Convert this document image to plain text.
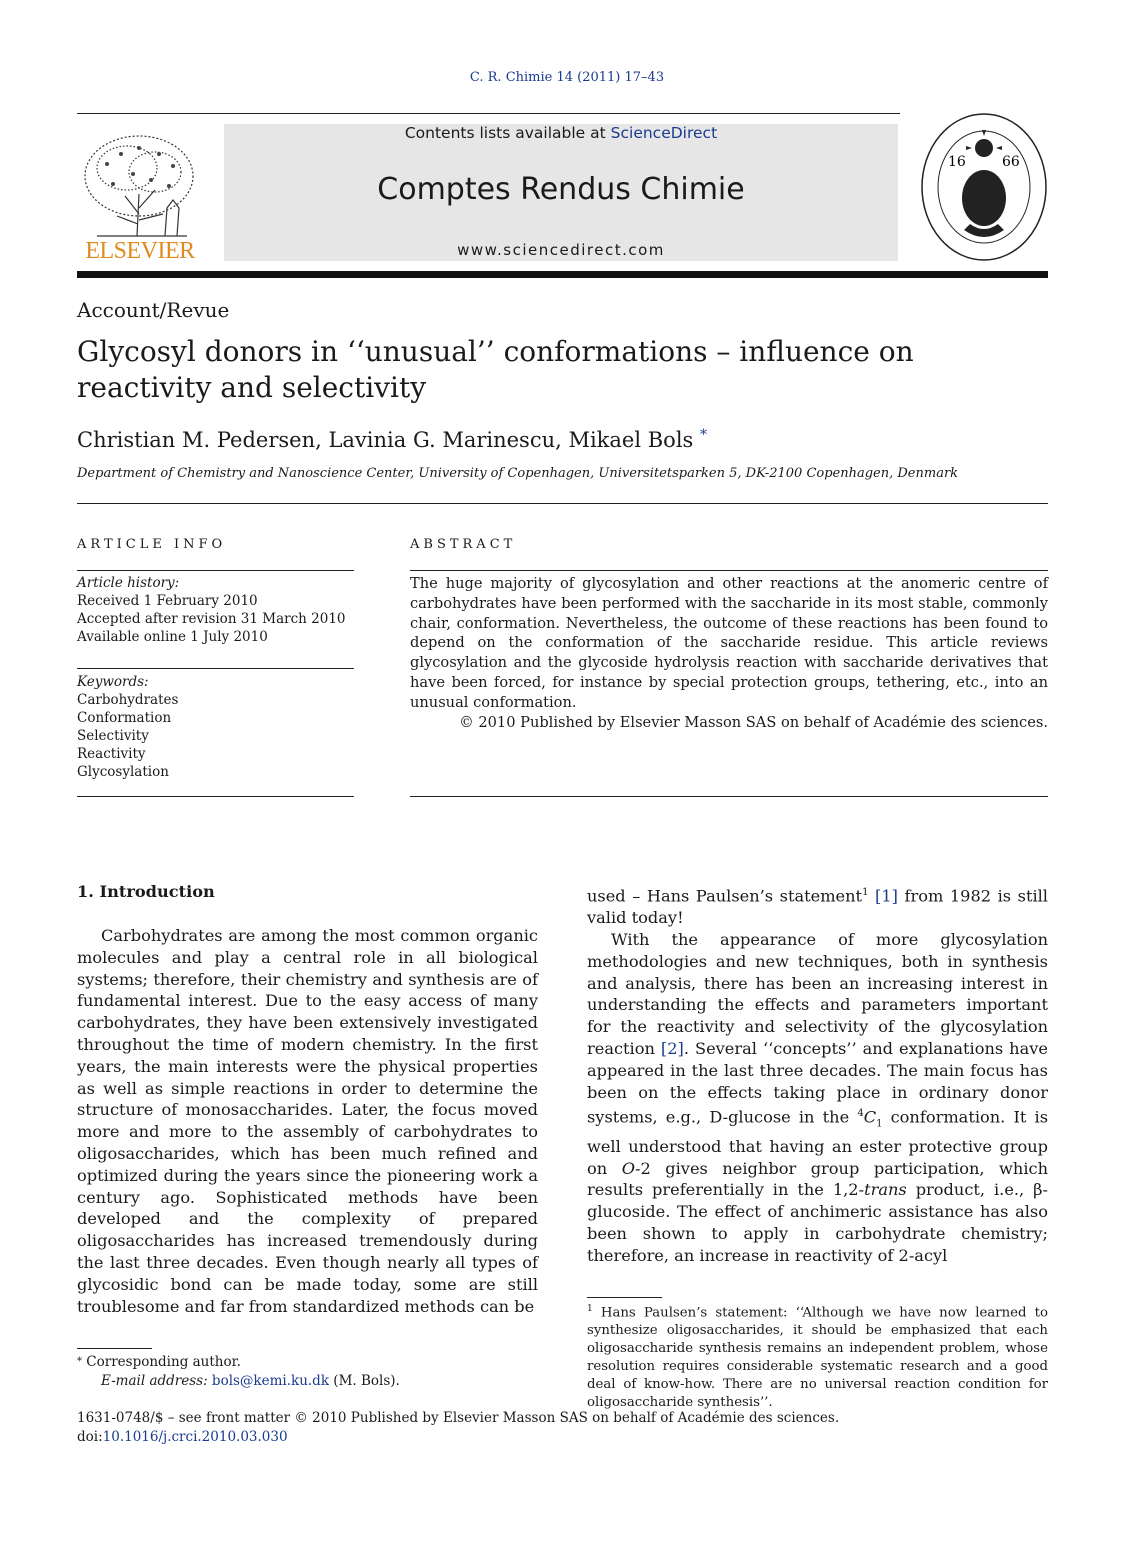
C. R. Chimie 14 (2011) 17–43
ELSEVIER
Contents lists available at ScienceDirect
Comptes Rendus Chimie
www.sciencedirect.com
16	66
Account/Revue
Glycosyl donors in ‘‘unusual’’ conformations – influence on reactivity and selectivity
Christian M. Pedersen, Lavinia G. Marinescu, Mikael Bols *
Department of Chemistry and Nanoscience Center, University of Copenhagen, Universitetsparken 5, DK-2100 Copenhagen, Denmark
ARTICLE INFO
Article history:
Received 1 February 2010
Accepted after revision 31 March 2010
Available online 1 July 2010
Keywords:
Carbohydrates
Conformation
Selectivity
Reactivity
Glycosylation
ABSTRACT
The huge majority of glycosylation and other reactions at the anomeric centre of carbohydrates have been performed with the saccharide in its most stable, commonly chair, conformation. Nevertheless, the outcome of these reactions has been found to depend on the conformation of the saccharide residue. This article reviews glycosylation and the glycoside hydrolysis reaction with saccharide derivatives that have been forced, for instance by special protection groups, tethering, etc., into an unusual conformation.
© 2010 Published by Elsevier Masson SAS on behalf of Académie des sciences.
1. Introduction
Carbohydrates are among the most common organic molecules and play a central role in all biological systems; therefore, their chemistry and synthesis are of fundamental interest. Due to the easy access of many carbohydrates, they have been extensively investigated throughout the time of modern chemistry. In the first years, the main interests were the physical properties as well as simple reactions in order to determine the structure of monosaccharides. Later, the focus moved more and more to the assembly of carbohydrates to oligosaccharides, which has been much refined and optimized during the years since the pioneering work a century ago. Sophisticated methods have been developed and the complexity of prepared oligosaccharides has increased tremendously during the last three decades. Even though nearly all types of glycosidic bond can be made today, some are still troublesome and far from standardized methods can be

used – Hans Paulsen’s statement$^1$ [1] from 1982 is still valid today!

With the appearance of more glycosylation methodologies and new techniques, both in synthesis and analysis, there has been an increasing interest in understanding the effects and parameters important for the reactivity and selectivity of the glycosylation reaction [2]. Several ‘‘concepts’’ and explanations have appeared in the last three decades. The main focus has been on the effects taking place in ordinary donor systems, e.g., D-glucose in the $^4C_1$ conformation. It is well understood that having an ester protective group on O-2 gives neighbor group participation, which results preferentially in the 1,2-trans product, i.e., β-glucoside. The effect of anchimeric assistance has also been shown to apply in carbohydrate chemistry; therefore, an increase in reactivity of 2-acyl

$^1$ Hans Paulsen’s statement: ‘‘Although we have now learned to synthesize oligosaccharides, it should be emphasized that each oligosaccharide synthesis remains an independent problem, whose resolution requires considerable systematic research and a good deal of know-how. There are no universal reaction condition for oligosaccharide synthesis’’.
* Corresponding author.
E-mail address: bols@kemi.ku.dk (M. Bols).
1631-0748/$ – see front matter © 2010 Published by Elsevier Masson SAS on behalf of Académie des sciences.
doi:10.1016/j.crci.2010.03.030
